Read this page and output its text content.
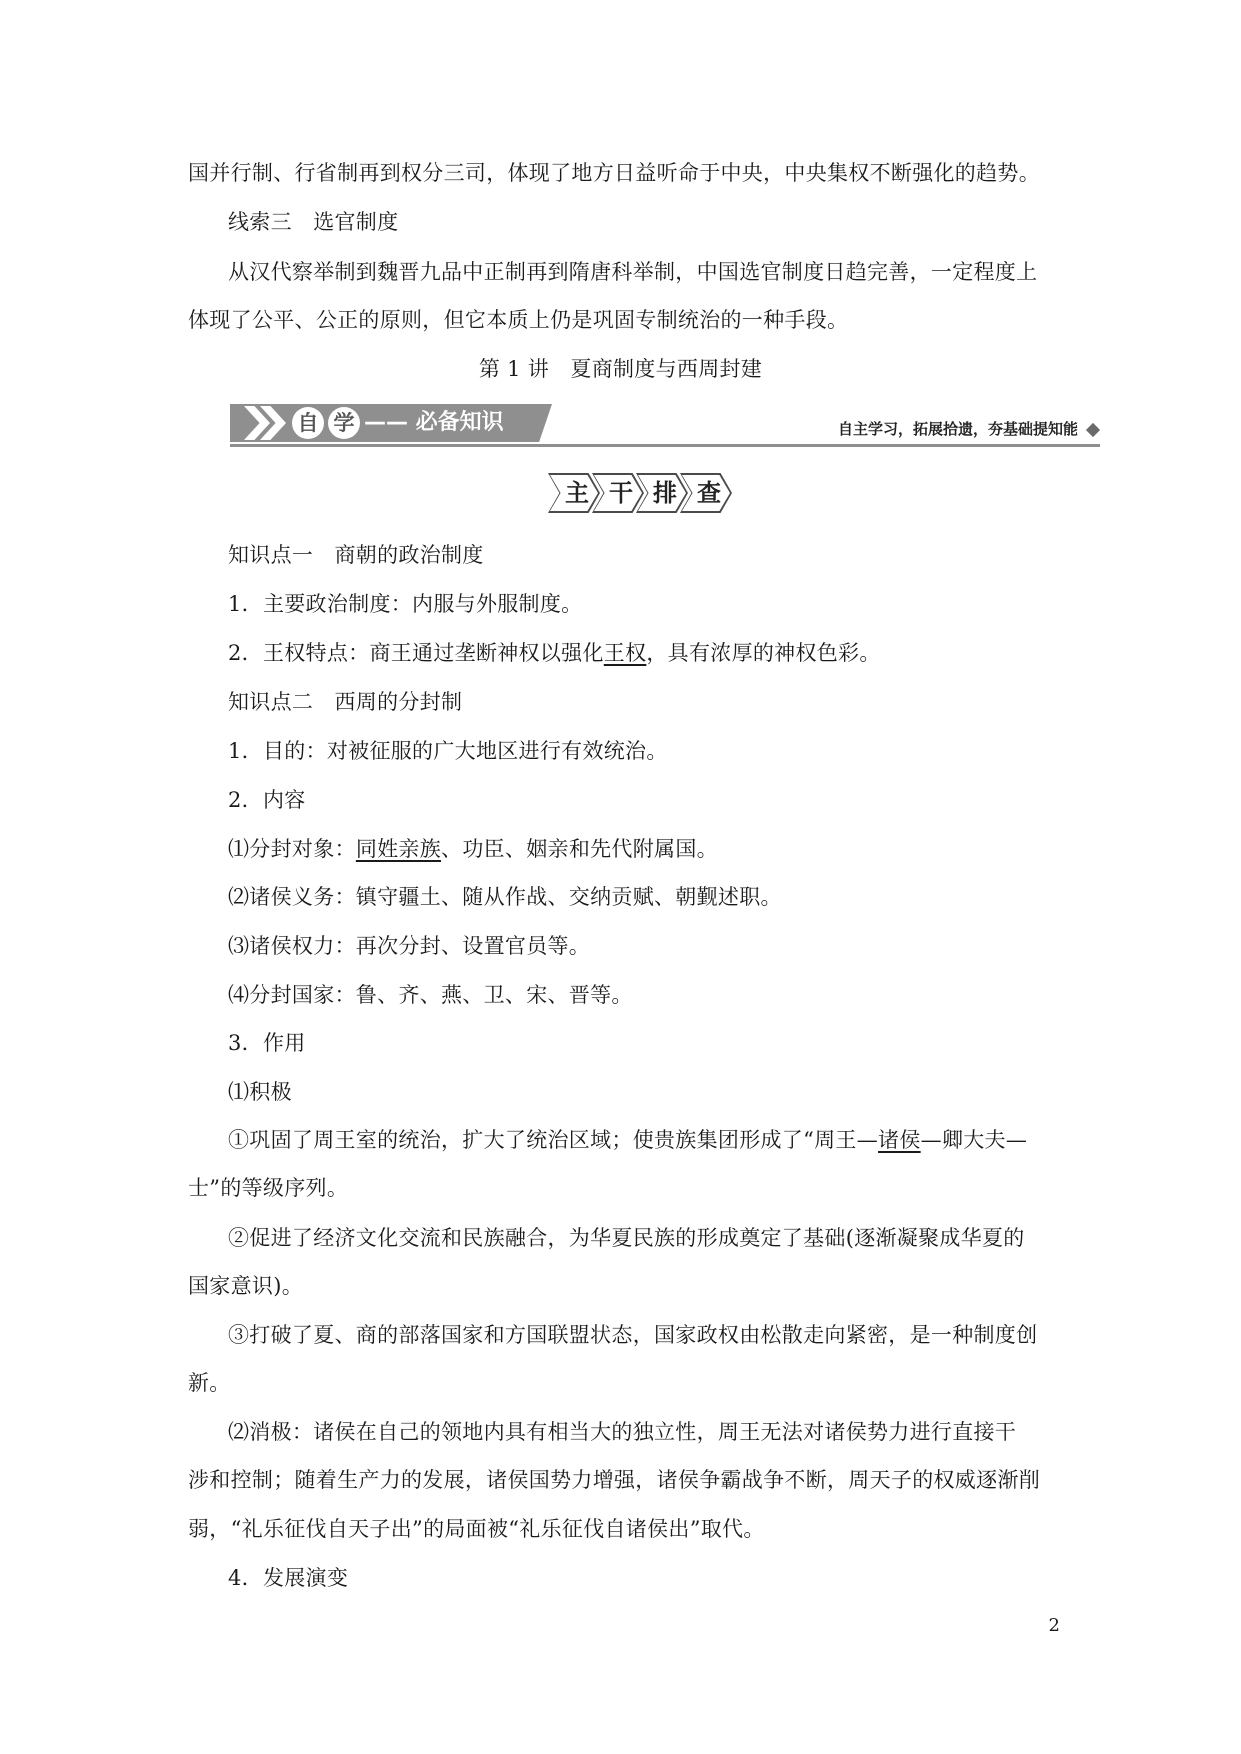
国并行制、行省制再到权分三司，体现了地方日益听命于中央，中央集权不断强化的趋势。
线索三　选官制度
从汉代察举制到魏晋九品中正制再到隋唐科举制，中国选官制度日趋完善，一定程度上
体现了公平、公正的原则，但它本质上仍是巩固专制统治的一种手段。
第 1 讲　夏商制度与西周封建
自 学 —— 必备知识	自主学习，拓展拾遗，夯基础提知能
主 干 排 查
知识点一　商朝的政治制度
1．主要政治制度：内服与外服制度。
2．王权特点：商王通过垄断神权以强化王权，具有浓厚的神权色彩。
知识点二　西周的分封制
1．目的：对被征服的广大地区进行有效统治。
2．内容
⑴分封对象：同姓亲族、功臣、姻亲和先代附属国。
⑵诸侯义务：镇守疆土、随从作战、交纳贡赋、朝觐述职。
⑶诸侯权力：再次分封、设置官员等。
⑷分封国家：鲁、齐、燕、卫、宋、晋等。
3．作用
⑴积极
①巩固了周王室的统治，扩大了统治区域；使贵族集团形成了“周王—诸侯—卿大夫—
士”的等级序列。
②促进了经济文化交流和民族融合，为华夏民族的形成奠定了基础(逐渐凝聚成华夏的
国家意识)。
③打破了夏、商的部落国家和方国联盟状态，国家政权由松散走向紧密，是一种制度创
新。
⑵消极：诸侯在自己的领地内具有相当大的独立性，周王无法对诸侯势力进行直接干
涉和控制；随着生产力的发展，诸侯国势力增强，诸侯争霸战争不断，周天子的权威逐渐削
弱，“礼乐征伐自天子出”的局面被“礼乐征伐自诸侯出”取代。
4．发展演变
2
